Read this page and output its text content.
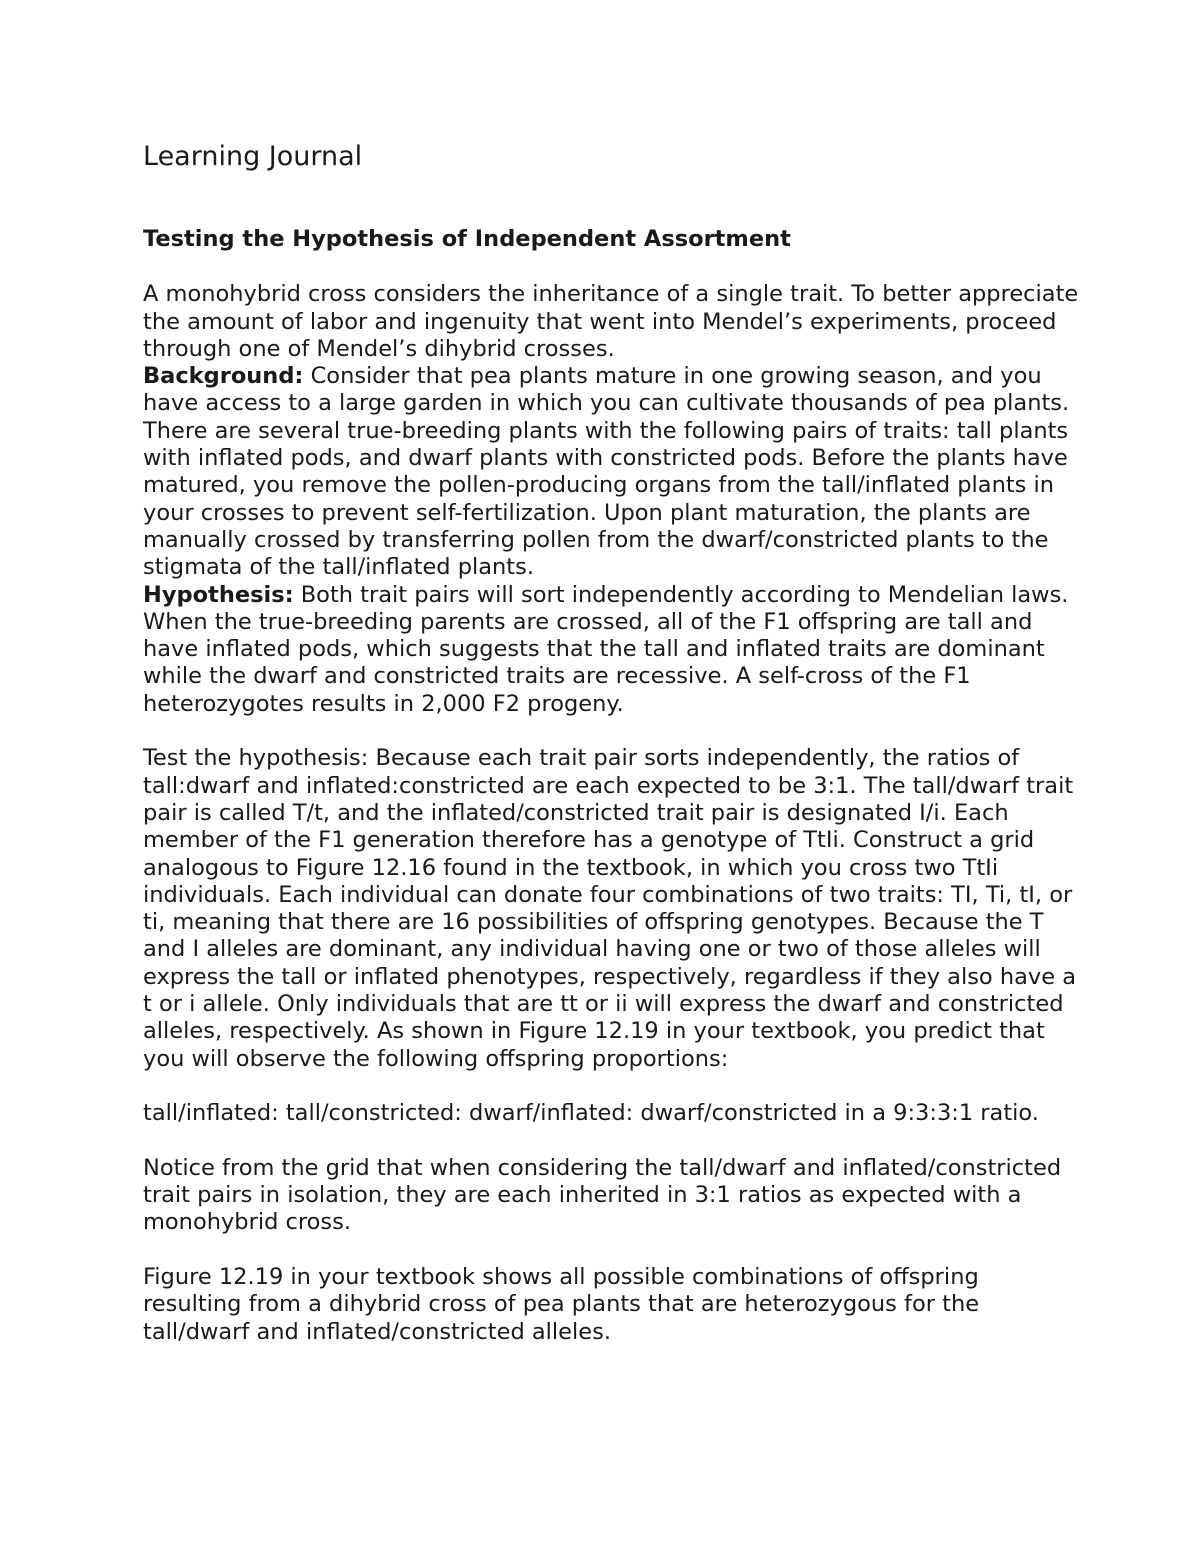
Learning Journal
Testing the Hypothesis of Independent Assortment

A monohybrid cross considers the inheritance of a single trait. To better appreciate the amount of labor and ingenuity that went into Mendel’s experiments, proceed through one of Mendel’s dihybrid crosses.
Background: Consider that pea plants mature in one growing season, and you have access to a large garden in which you can cultivate thousands of pea plants. There are several true-breeding plants with the following pairs of traits: tall plants with inflated pods, and dwarf plants with constricted pods. Before the plants have matured, you remove the pollen-producing organs from the tall/inflated plants in your crosses to prevent self-fertilization. Upon plant maturation, the plants are manually crossed by transferring pollen from the dwarf/constricted plants to the stigmata of the tall/inflated plants.
Hypothesis: Both trait pairs will sort independently according to Mendelian laws. When the true-breeding parents are crossed, all of the F1 offspring are tall and have inflated pods, which suggests that the tall and inflated traits are dominant while the dwarf and constricted traits are recessive. A self-cross of the F1 heterozygotes results in 2,000 F2 progeny.

Test the hypothesis: Because each trait pair sorts independently, the ratios of tall:dwarf and inflated:constricted are each expected to be 3:1. The tall/dwarf trait pair is called T/t, and the inflated/constricted trait pair is designated I/i. Each member of the F1 generation therefore has a genotype of TtIi. Construct a grid analogous to Figure 12.16 found in the textbook, in which you cross two TtIi individuals. Each individual can donate four combinations of two traits: TI, Ti, tI, or ti, meaning that there are 16 possibilities of offspring genotypes. Because the T and I alleles are dominant, any individual having one or two of those alleles will express the tall or inflated phenotypes, respectively, regardless if they also have a t or i allele. Only individuals that are tt or ii will express the dwarf and constricted alleles, respectively. As shown in Figure 12.19 in your textbook, you predict that you will observe the following offspring proportions:

tall/inflated: tall/constricted: dwarf/inflated: dwarf/constricted in a 9:3:3:1 ratio.

Notice from the grid that when considering the tall/dwarf and inflated/constricted trait pairs in isolation, they are each inherited in 3:1 ratios as expected with a monohybrid cross.

Figure 12.19 in your textbook shows all possible combinations of offspring resulting from a dihybrid cross of pea plants that are heterozygous for the tall/dwarf and inflated/constricted alleles.
